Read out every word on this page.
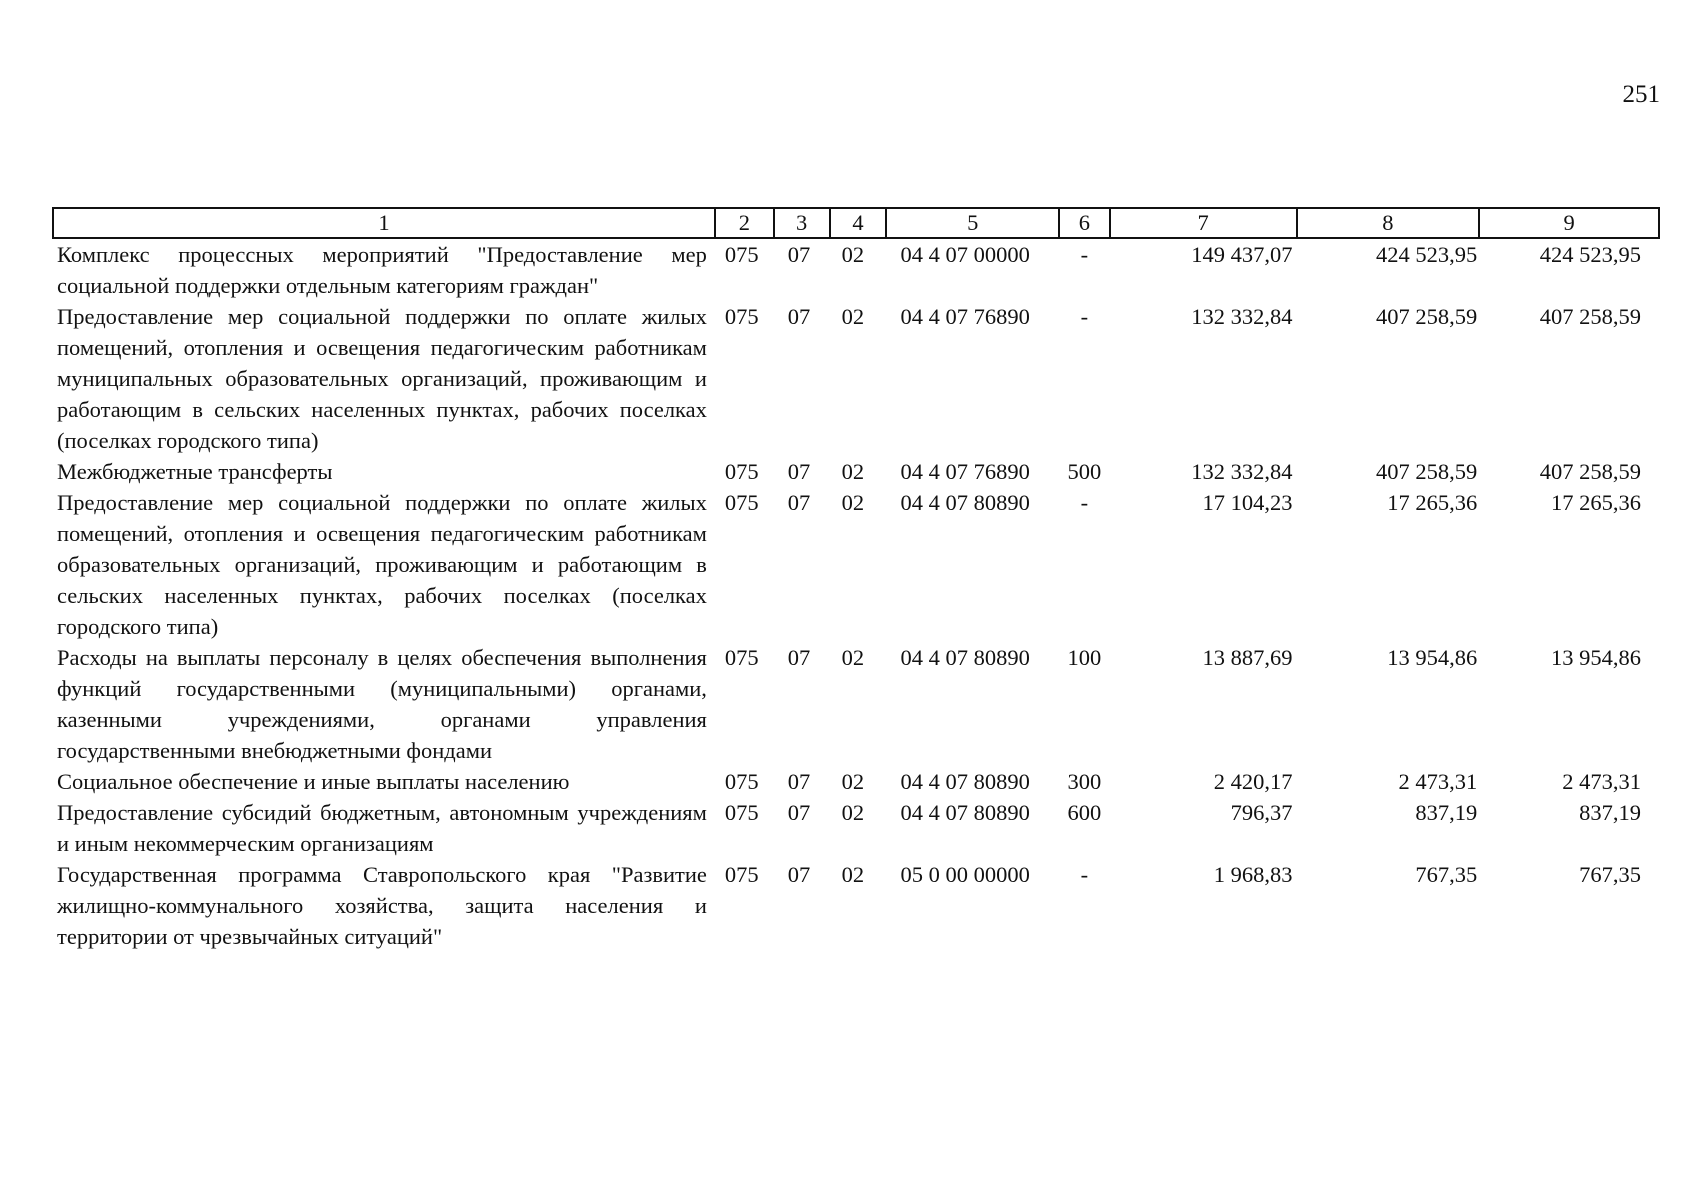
251
1	2	3	4	5	6	7	8	9
Комплекс процессных мероприятий "Предоставление мер социальной поддержки отдельным категориям граждан"	075	07	02	04 4 07 00000	-	149 437,07	424 523,95	424 523,95
Предоставление мер социальной поддержки по оплате жилых помещений, отопления и освещения педагогическим работникам муниципальных образовательных организаций, проживающим и работающим в сельских населенных пунктах, рабочих поселках (поселках городского типа)	075	07	02	04 4 07 76890	-	132 332,84	407 258,59	407 258,59
Межбюджетные трансферты	075	07	02	04 4 07 76890	500	132 332,84	407 258,59	407 258,59
Предоставление мер социальной поддержки по оплате жилых помещений, отопления и освещения педагогическим работникам образовательных организаций, проживающим и работающим в сельских населенных пунктах, рабочих поселках (поселках городского типа)	075	07	02	04 4 07 80890	-	17 104,23	17 265,36	17 265,36
Расходы на выплаты персоналу в целях обеспечения выполнения функций государственными (муниципальными) органами, казенными учреждениями, органами управления государственными внебюджетными фондами	075	07	02	04 4 07 80890	100	13 887,69	13 954,86	13 954,86
Социальное обеспечение и иные выплаты населению	075	07	02	04 4 07 80890	300	2 420,17	2 473,31	2 473,31
Предоставление субсидий бюджетным, автономным учреждениям и иным некоммерческим организациям	075	07	02	04 4 07 80890	600	796,37	837,19	837,19
Государственная программа Ставропольского края "Развитие жилищно-коммунального хозяйства, защита населения и территории от чрезвычайных ситуаций"	075	07	02	05 0 00 00000	-	1 968,83	767,35	767,35
